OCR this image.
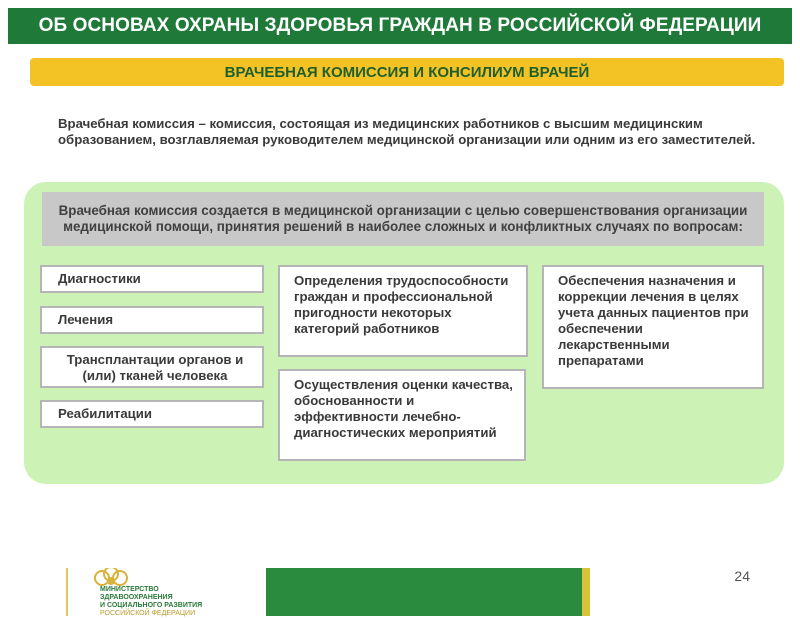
ОБ ОСНОВАХ ОХРАНЫ ЗДОРОВЬЯ ГРАЖДАН В РОССИЙСКОЙ ФЕДЕРАЦИИ
ВРАЧЕБНАЯ КОМИССИЯ И КОНСИЛИУМ ВРАЧЕЙ
Врачебная комиссия – комиссия, состоящая из медицинских работников с высшим медицинским образованием, возглавляемая руководителем медицинской организации или одним из его заместителей.
Врачебная комиссия создается в медицинской организации с целью совершенствования организации медицинской помощи, принятия решений в наиболее сложных и конфликтных случаях по вопросам:
Диагностики
Лечения
Трансплантации органов и (или) тканей человека
Реабилитации
Определения трудоспособности граждан и профессиональной пригодности некоторых категорий работников
Осуществления оценки качества, обоснованности и эффективности лечебно-диагностических мероприятий
Обеспечения назначения и коррекции лечения в целях учета данных пациентов при обеспечении лекарственными препаратами
МИНИСТЕРСТВО
ЗДРАВООХРАНЕНИЯ
И СОЦИАЛЬНОГО РАЗВИТИЯ
РОССИЙСКОЙ ФЕДЕРАЦИИ
24
